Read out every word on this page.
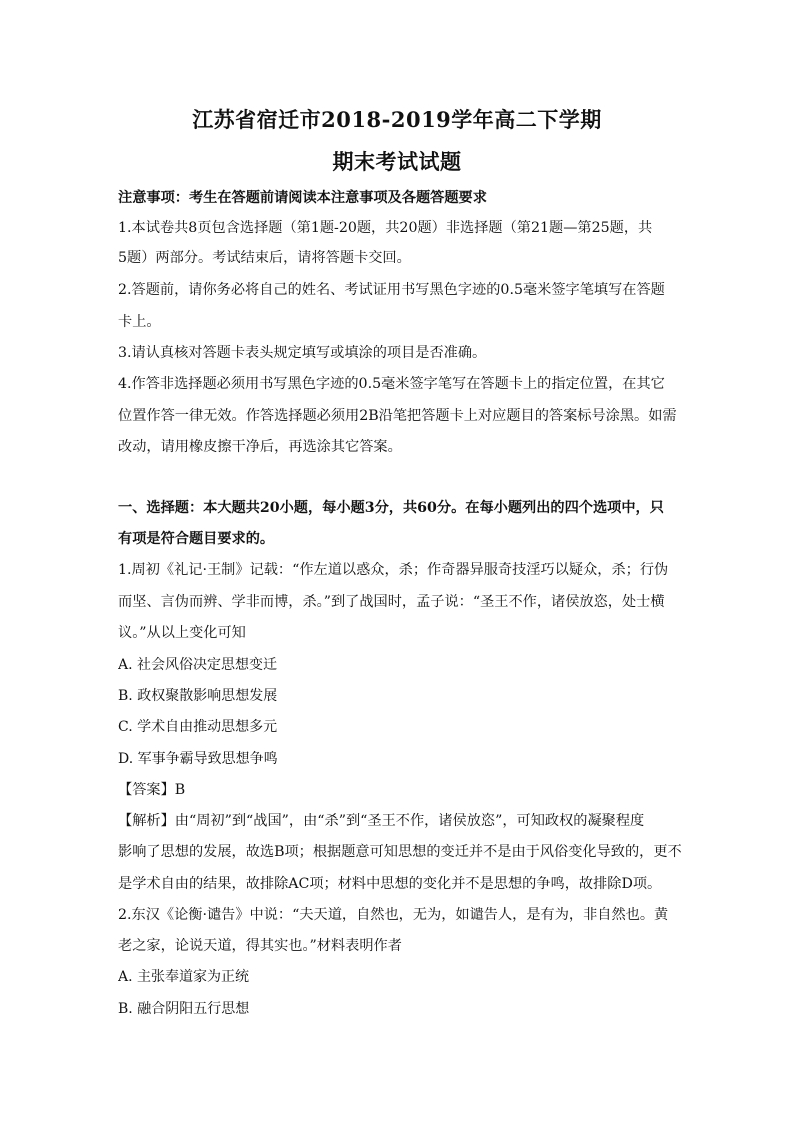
江苏省宿迁市2018-2019学年高二下学期
期末考试试题
注意事项：考生在答题前请阅读本注意事项及各题答题要求
1.本试卷共8页包含选择题（第1题-20题，共20题）非选择题（第21题—第25题，共
5题）两部分。考试结束后，请将答题卡交回。
2.答题前，请你务必将自己的姓名、考试证用书写黑色字迹的0.5毫米签字笔填写在答题
卡上。
3.请认真核对答题卡表头规定填写或填涂的项目是否准确。
4.作答非选择题必须用书写黑色字迹的0.5毫米签字笔写在答题卡上的指定位置，在其它
位置作答一律无效。作答选择题必须用2B沿笔把答题卡上对应题目的答案标号涂黑。如需
改动，请用橡皮擦干净后，再选涂其它答案。
一、选择题：本大题共20小题，每小题3分，共60分。在每小题列出的四个选项中，只
有项是符合题目要求的。
1.周初《礼记·王制》记载：“作左道以惑众，杀；作奇器异服奇技淫巧以疑众，杀；行伪
而坚、言伪而辨、学非而博，杀。”到了战国时，孟子说：“圣王不作，诸侯放恣，处士横
议。”从以上变化可知
A. 社会风俗决定思想变迁
B. 政权聚散影响思想发展
C. 学术自由推动思想多元
D. 军事争霸导致思想争鸣
【答案】B
【解析】由“周初”到“战国”，由“杀”到“圣王不作，诸侯放恣”，可知政权的凝聚程度
影响了思想的发展，故选B项；根据题意可知思想的变迁并不是由于风俗变化导致的，更不
是学术自由的结果，故排除AC项；材料中思想的变化并不是思想的争鸣，故排除D项。
2.东汉《论衡·谴告》中说：“夫天道，自然也，无为，如谴告人，是有为，非自然也。黄
老之家，论说天道，得其实也。”材料表明作者
A. 主张奉道家为正统
B. 融合阴阳五行思想
